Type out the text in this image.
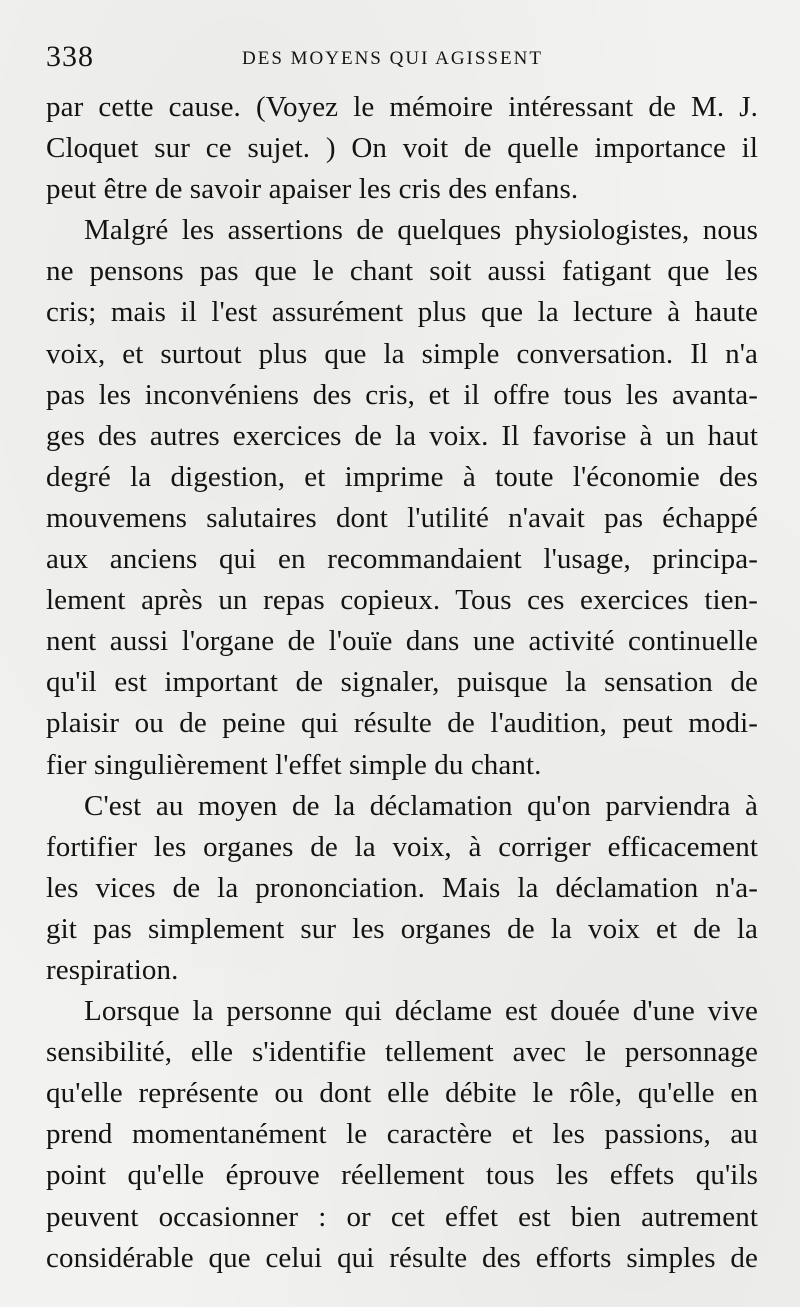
338	DES MOYENS QUI AGISSENT
par cette cause. (Voyez le mémoire intéressant de M. J.
Cloquet sur ce sujet. ) On voit de quelle importance il
peut être de savoir apaiser les cris des enfans.
Malgré les assertions de quelques physiologistes, nous
ne pensons pas que le chant soit aussi fatigant que les
cris; mais il l'est assurément plus que la lecture à haute
voix, et surtout plus que la simple conversation. Il n'a
pas les inconvéniens des cris, et il offre tous les avanta-
ges des autres exercices de la voix. Il favorise à un haut
degré la digestion, et imprime à toute l'économie des
mouvemens salutaires dont l'utilité n'avait pas échappé
aux anciens qui en recommandaient l'usage, principa-
lement après un repas copieux. Tous ces exercices tien-
nent aussi l'organe de l'ouïe dans une activité continuelle
qu'il est important de signaler, puisque la sensation de
plaisir ou de peine qui résulte de l'audition, peut modi-
fier singulièrement l'effet simple du chant.
C'est au moyen de la déclamation qu'on parviendra à
fortifier les organes de la voix, à corriger efficacement
les vices de la prononciation. Mais la déclamation n'a-
git pas simplement sur les organes de la voix et de la
respiration.
Lorsque la personne qui déclame est douée d'une vive
sensibilité, elle s'identifie tellement avec le personnage
qu'elle représente ou dont elle débite le rôle, qu'elle en
prend momentanément le caractère et les passions, au
point qu'elle éprouve réellement tous les effets qu'ils
peuvent occasionner : or cet effet est bien autrement
considérable que celui qui résulte des efforts simples de
